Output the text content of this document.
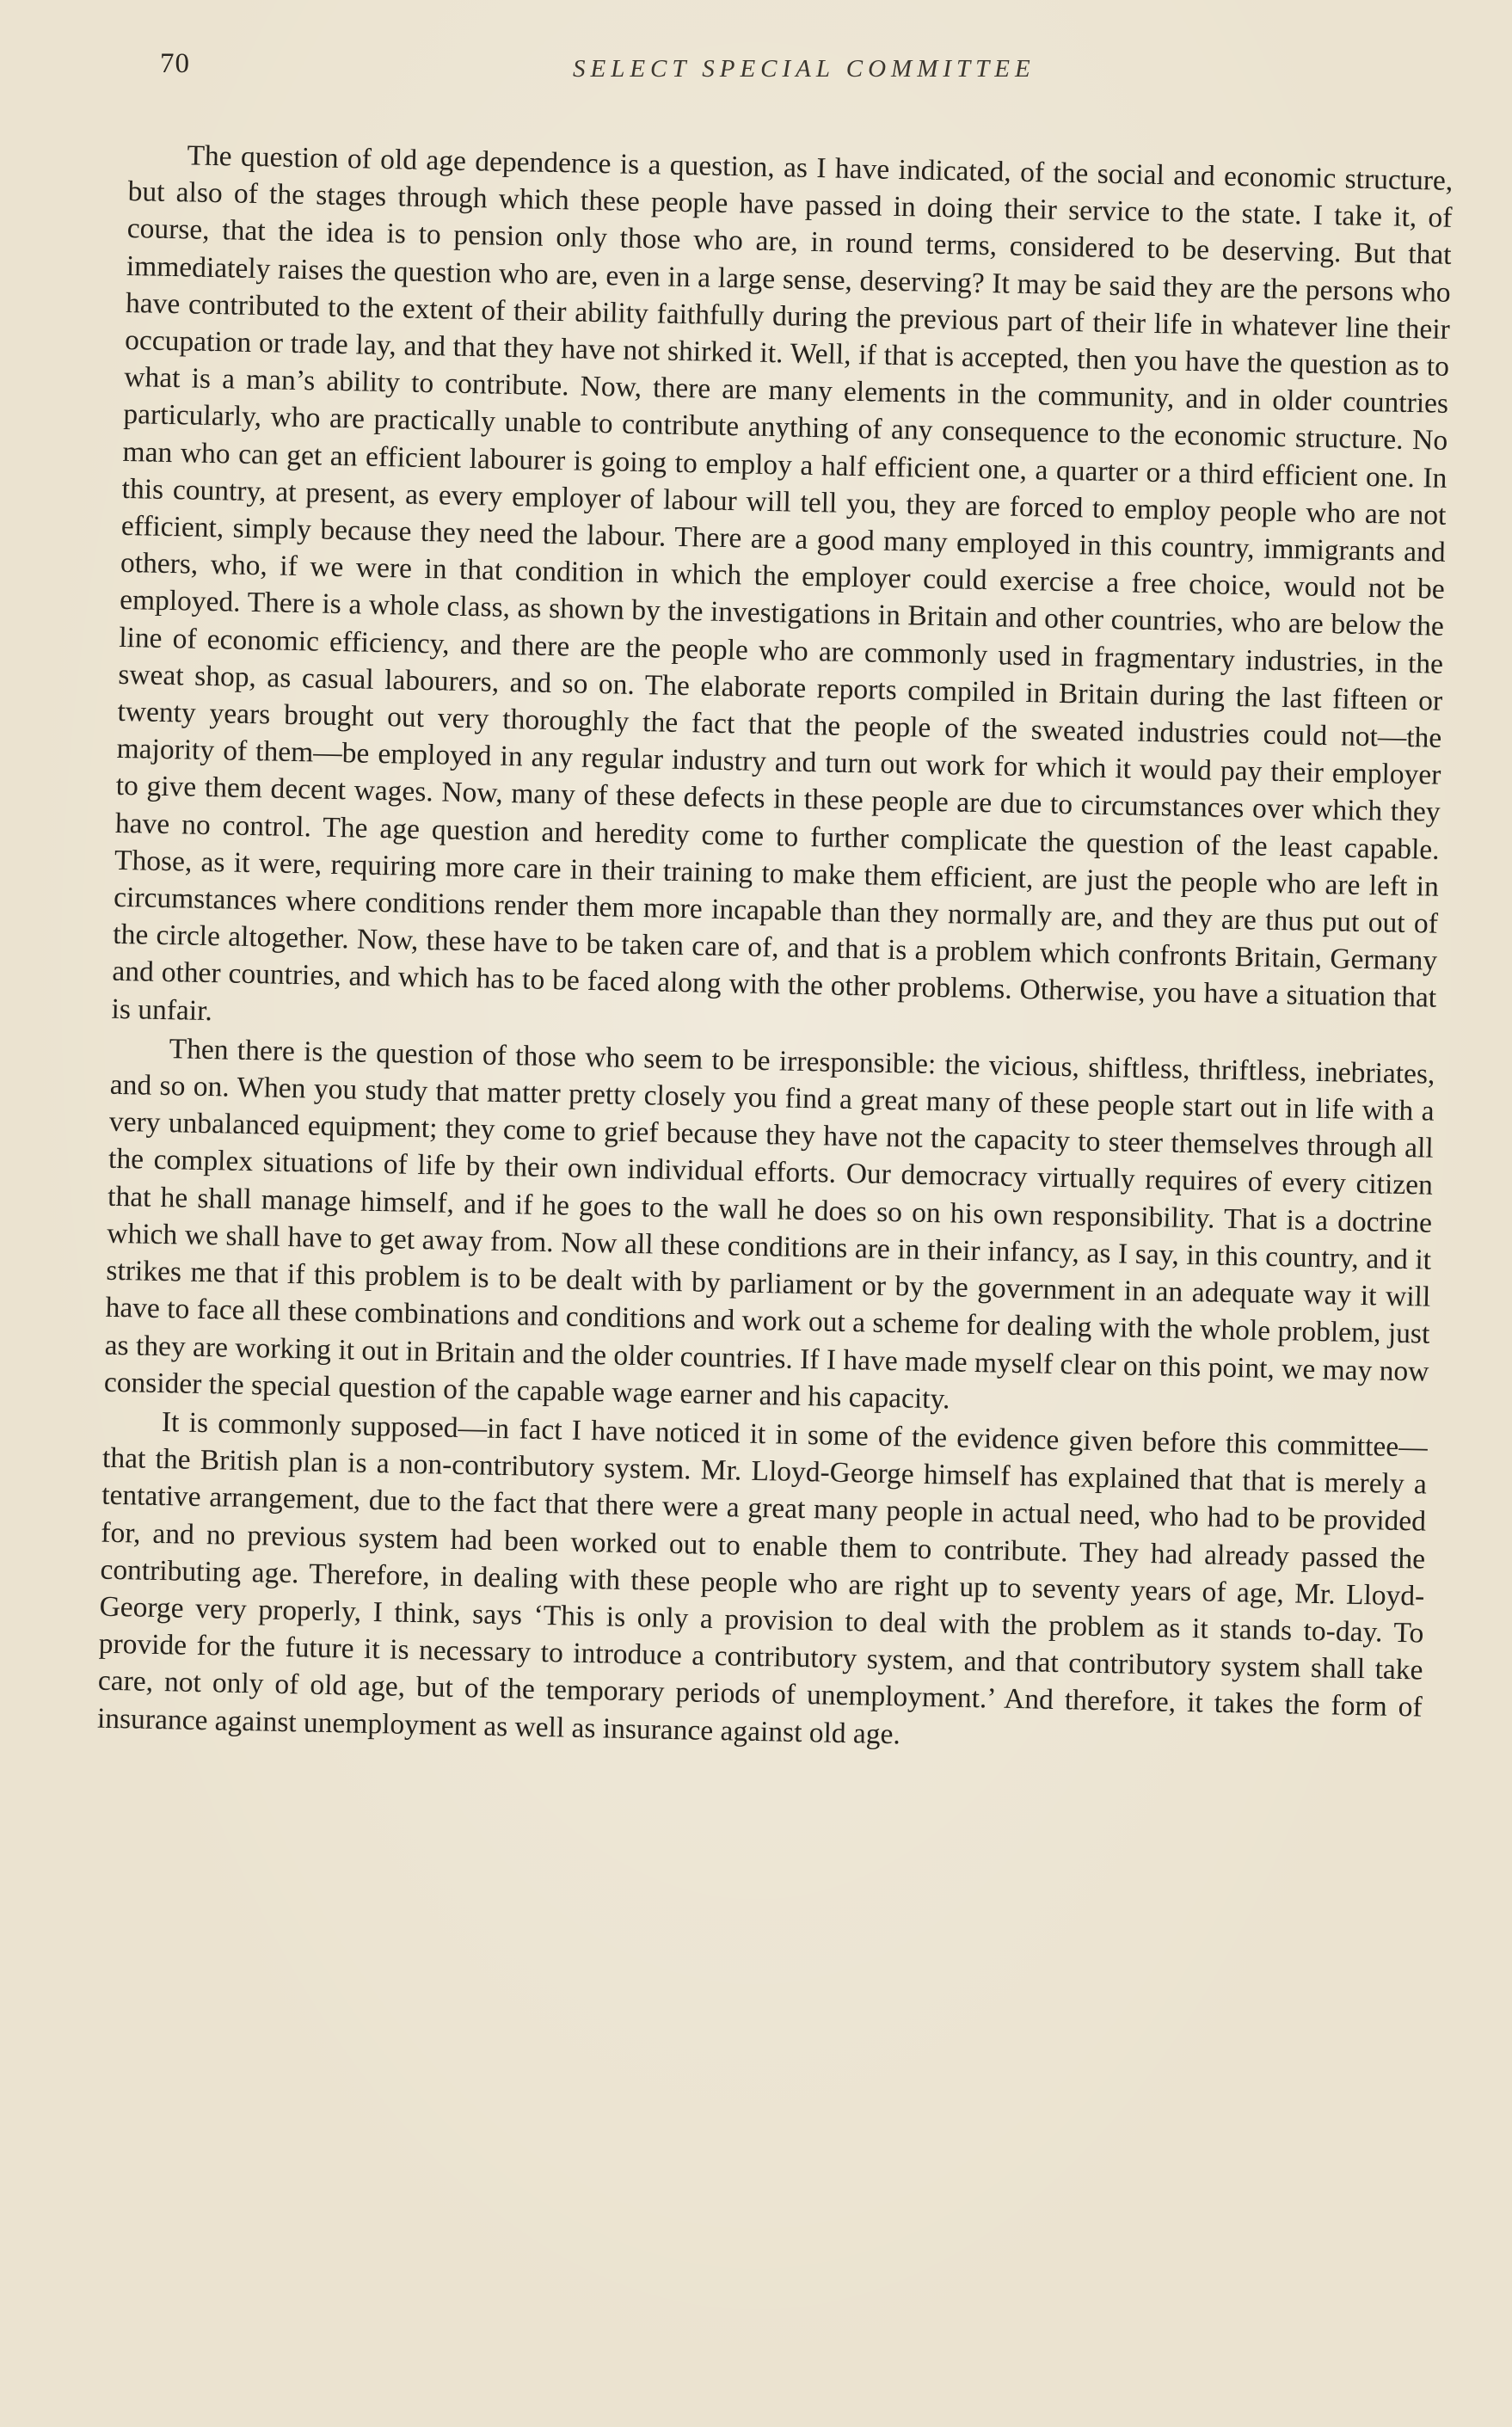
70	SELECT SPECIAL COMMITTEE

The question of old age dependence is a question, as I have indicated, of the social and economic structure, but also of the stages through which these people have passed in doing their service to the state. I take it, of course, that the idea is to pension only those who are, in round terms, considered to be deserving. But that immediately raises the question who are, even in a large sense, deserving? It may be said they are the persons who have contributed to the extent of their ability faithfully during the previous part of their life in whatever line their occupation or trade lay, and that they have not shirked it. Well, if that is accepted, then you have the question as to what is a man’s ability to contribute. Now, there are many elements in the community, and in older countries particularly, who are practically unable to contribute anything of any consequence to the economic structure. No man who can get an efficient labourer is going to employ a half efficient one, a quarter or a third efficient one. In this country, at present, as every employer of labour will tell you, they are forced to employ people who are not efficient, simply because they need the labour. There are a good many employed in this country, immigrants and others, who, if we were in that condition in which the employer could exercise a free choice, would not be employed. There is a whole class, as shown by the investigations in Britain and other countries, who are below the line of economic efficiency, and there are the people who are commonly used in fragmentary industries, in the sweat shop, as casual labourers, and so on. The elaborate reports compiled in Britain during the last fifteen or twenty years brought out very thoroughly the fact that the people of the sweated industries could not—the majority of them—be employed in any regular industry and turn out work for which it would pay their employer to give them decent wages. Now, many of these defects in these people are due to circumstances over which they have no control. The age question and heredity come to further complicate the question of the least capable. Those, as it were, requiring more care in their training to make them efficient, are just the people who are left in circumstances where conditions render them more incapable than they normally are, and they are thus put out of the circle altogether. Now, these have to be taken care of, and that is a problem which confronts Britain, Germany and other countries, and which has to be faced along with the other problems. Otherwise, you have a situation that is unfair.

Then there is the question of those who seem to be irresponsible: the vicious, shiftless, thriftless, inebriates, and so on. When you study that matter pretty closely you find a great many of these people start out in life with a very unbalanced equipment; they come to grief because they have not the capacity to steer themselves through all the complex situations of life by their own individual efforts. Our democracy virtually requires of every citizen that he shall manage himself, and if he goes to the wall he does so on his own responsibility. That is a doctrine which we shall have to get away from. Now all these conditions are in their infancy, as I say, in this country, and it strikes me that if this problem is to be dealt with by parliament or by the government in an adequate way it will have to face all these combinations and conditions and work out a scheme for dealing with the whole problem, just as they are working it out in Britain and the older countries. If I have made myself clear on this point, we may now consider the special question of the capable wage earner and his capacity.

It is commonly supposed—in fact I have noticed it in some of the evidence given before this committee—that the British plan is a non-contributory system. Mr. Lloyd-George himself has explained that that is merely a tentative arrangement, due to the fact that there were a great many people in actual need, who had to be provided for, and no previous system had been worked out to enable them to contribute. They had already passed the contributing age. Therefore, in dealing with these people who are right up to seventy years of age, Mr. Lloyd-George very properly, I think, says ‘This is only a provision to deal with the problem as it stands to-day. To provide for the future it is necessary to introduce a contributory system, and that contributory system shall take care, not only of old age, but of the temporary periods of unemployment.’ And therefore, it takes the form of insurance against unemployment as well as insurance against old age.
